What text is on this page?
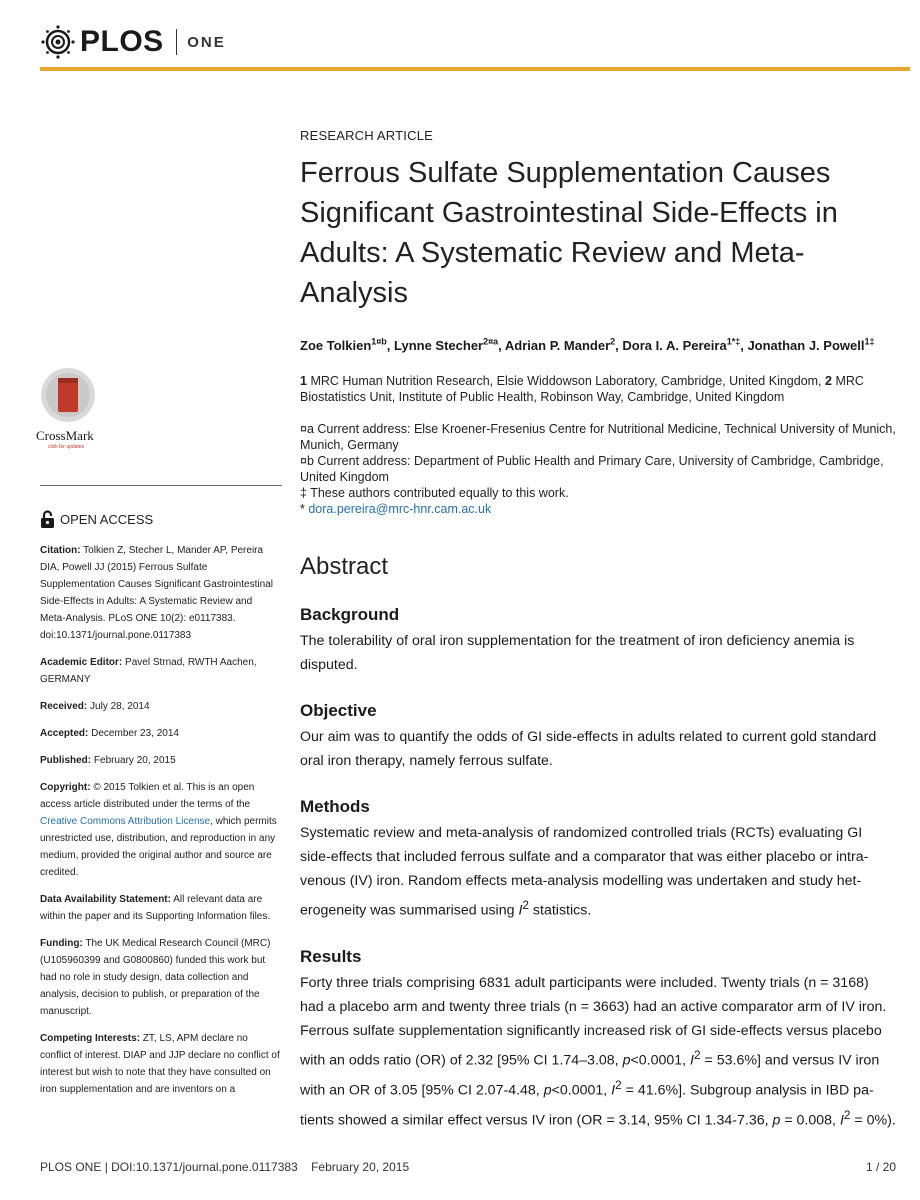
PLOS ONE
CrossMark
click for updates
OPEN ACCESS
Citation: Tolkien Z, Stecher L, Mander AP, Pereira DIA, Powell JJ (2015) Ferrous Sulfate Supplementation Causes Significant Gastrointestinal Side-Effects in Adults: A Systematic Review and Meta-Analysis. PLoS ONE 10(2): e0117383. doi:10.1371/journal.pone.0117383
Academic Editor: Pavel Strnad, RWTH Aachen, GERMANY
Received: July 28, 2014
Accepted: December 23, 2014
Published: February 20, 2015
Copyright: © 2015 Tolkien et al. This is an open access article distributed under the terms of the Creative Commons Attribution License, which permits unrestricted use, distribution, and reproduction in any medium, provided the original author and source are credited.
Data Availability Statement: All relevant data are within the paper and its Supporting Information files.
Funding: The UK Medical Research Council (MRC) (U105960399 and G0800860) funded this work but had no role in study design, data collection and analysis, decision to publish, or preparation of the manuscript.
Competing Interests: ZT, LS, APM declare no conflict of interest. DIAP and JJP declare no conflict of interest but wish to note that they have consulted on iron supplementation and are inventors on a
RESEARCH ARTICLE
Ferrous Sulfate Supplementation Causes Significant Gastrointestinal Side-Effects in Adults: A Systematic Review and Meta-Analysis
Zoe Tolkien$^{1¤b}$, Lynne Stecher$^{2¤a}$, Adrian P. Mander$^2$, Dora I. A. Pereira$^{1*\ddagger}$, Jonathan J. Powell$^{1\ddagger}$
1 MRC Human Nutrition Research, Elsie Widdowson Laboratory, Cambridge, United Kingdom, 2 MRC Biostatistics Unit, Institute of Public Health, Robinson Way, Cambridge, United Kingdom
¤a Current address: Else Kroener-Fresenius Centre for Nutritional Medicine, Technical University of Munich, Munich, Germany
¤b Current address: Department of Public Health and Primary Care, University of Cambridge, Cambridge, United Kingdom
‡ These authors contributed equally to this work.
* dora.pereira@mrc-hnr.cam.ac.uk
Abstract
Background
The tolerability of oral iron supplementation for the treatment of iron deficiency anemia is disputed.
Objective
Our aim was to quantify the odds of GI side-effects in adults related to current gold standard oral iron therapy, namely ferrous sulfate.
Methods
Systematic review and meta-analysis of randomized controlled trials (RCTs) evaluating GI side-effects that included ferrous sulfate and a comparator that was either placebo or intra-venous (IV) iron. Random effects meta-analysis modelling was undertaken and study het-erogeneity was summarised using $I^2$ statistics.
Results
Forty three trials comprising 6831 adult participants were included. Twenty trials (n = 3168) had a placebo arm and twenty three trials (n = 3663) had an active comparator arm of IV iron. Ferrous sulfate supplementation significantly increased risk of GI side-effects versus placebo with an odds ratio (OR) of 2.32 [95% CI 1.74–3.08, p<0.0001, $I^2 = 53.6\%$] and versus IV iron with an OR of 3.05 [95% CI 2.07-4.48, p<0.0001, $I^2 = 41.6\%$]. Subgroup analysis in IBD pa-tients showed a similar effect versus IV iron (OR = 3.14, 95% CI 1.34-7.36, p = 0.008, $I^2 = 0\%$).
PLOS ONE | DOI:10.1371/journal.pone.0117383    February 20, 2015	1 / 20
